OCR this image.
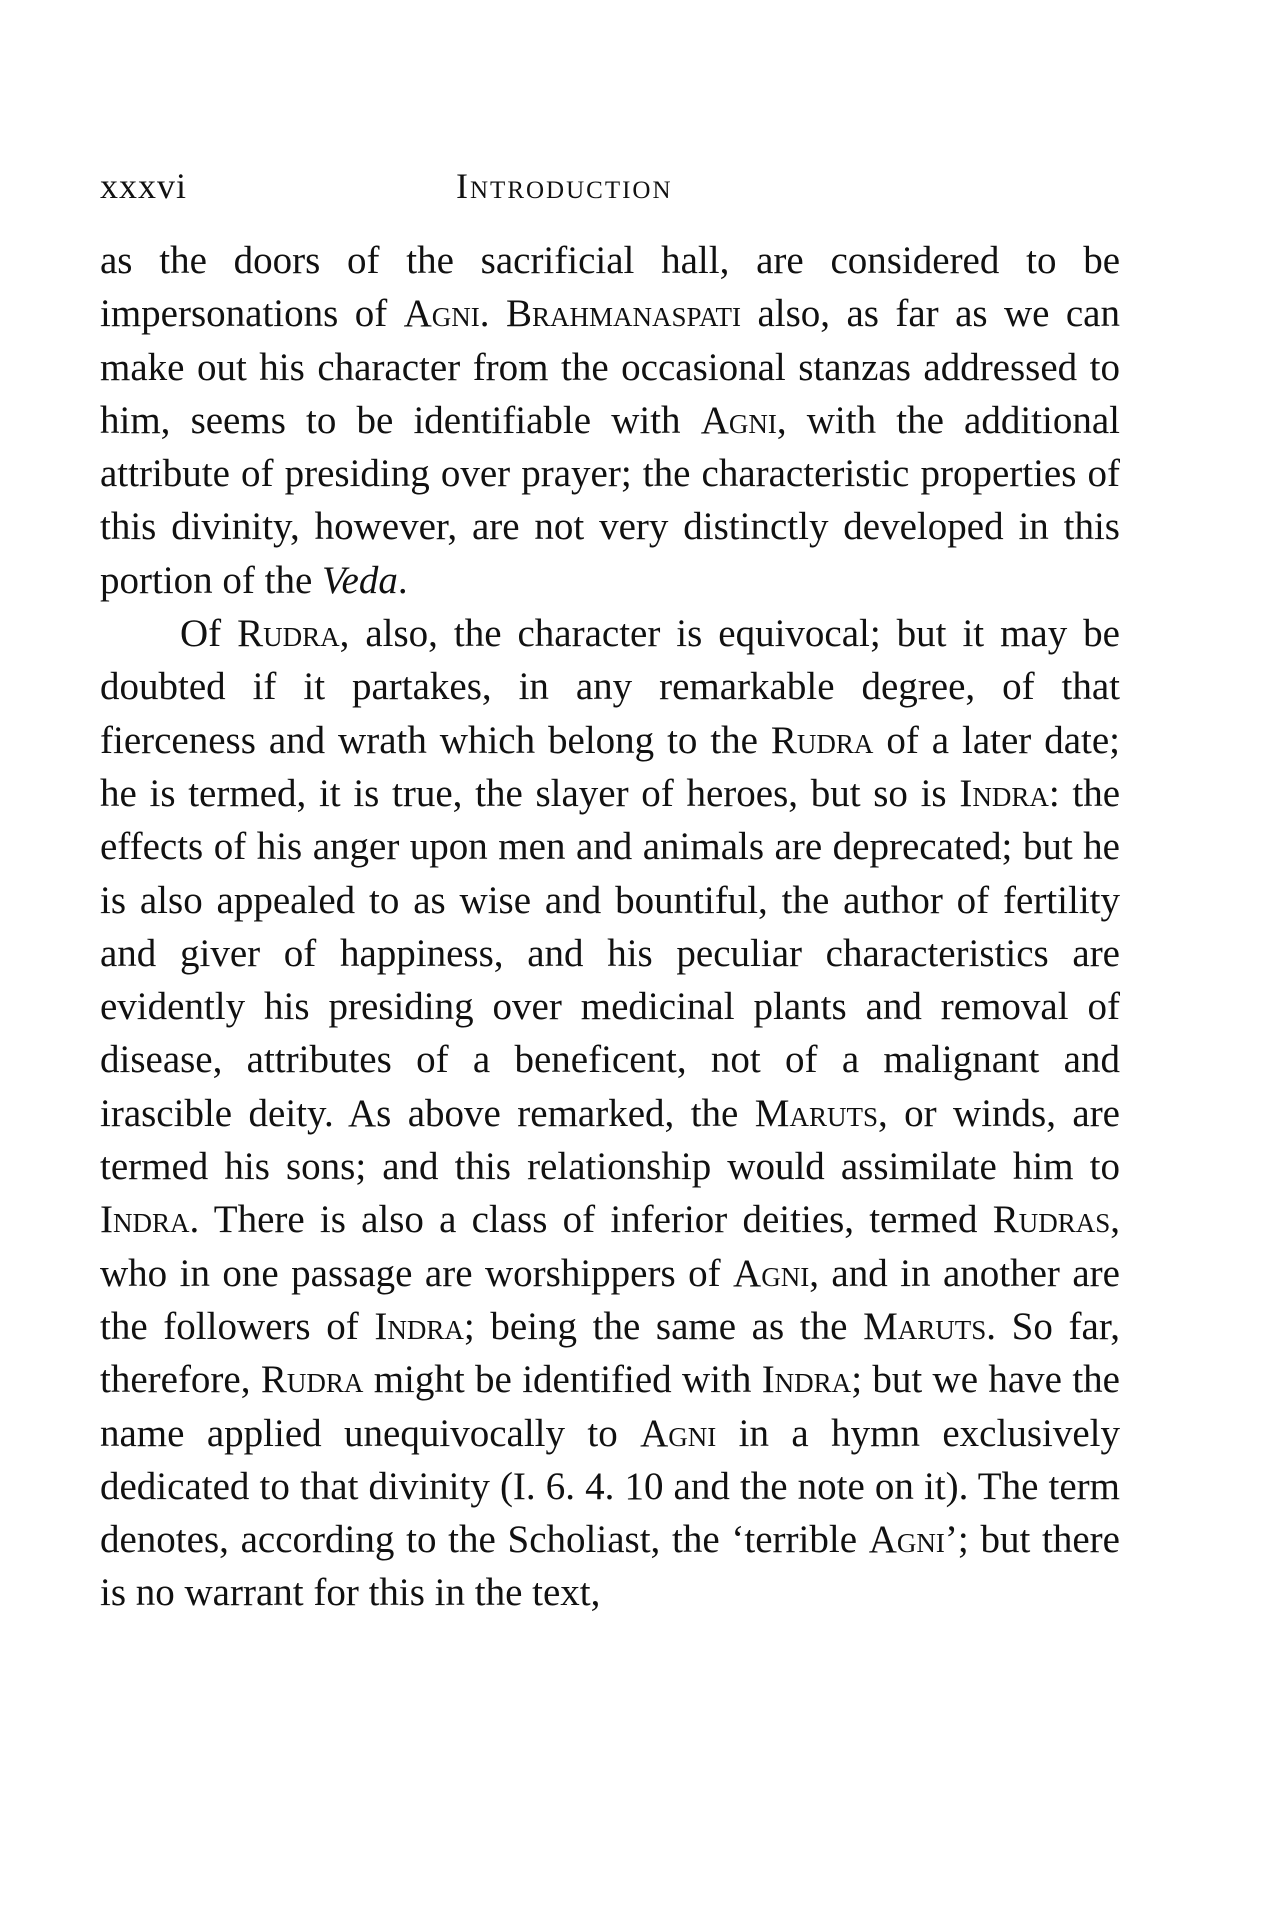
xxxvi	Introduction

as the doors of the sacrificial hall, are considered to be impersonations of Agni. Brahmanaspati also, as far as we can make out his character from the occasional stanzas addressed to him, seems to be identifiable with Agni, with the additional attribute of presiding over prayer; the characteristic properties of this divinity, however, are not very distinctly developed in this portion of the Veda.

Of Rudra, also, the character is equivocal; but it may be doubted if it partakes, in any remarkable degree, of that fierceness and wrath which belong to the Rudra of a later date; he is termed, it is true, the slayer of heroes, but so is Indra: the effects of his anger upon men and animals are deprecated; but he is also appealed to as wise and bountiful, the author of fertility and giver of happiness, and his peculiar characteristics are evidently his presiding over medicinal plants and removal of disease, attributes of a beneficent, not of a malignant and irascible deity. As above remarked, the Maruts, or winds, are termed his sons; and this relationship would assimilate him to Indra. There is also a class of inferior deities, termed Rudras, who in one passage are worshippers of Agni, and in another are the followers of Indra; being the same as the Maruts. So far, therefore, Rudra might be identified with Indra; but we have the name applied unequivocally to Agni in a hymn exclusively dedicated to that divinity (I. 6. 4. 10 and the note on it). The term denotes, according to the Scholiast, the ‘terrible Agni’; but there is no warrant for this in the text,
